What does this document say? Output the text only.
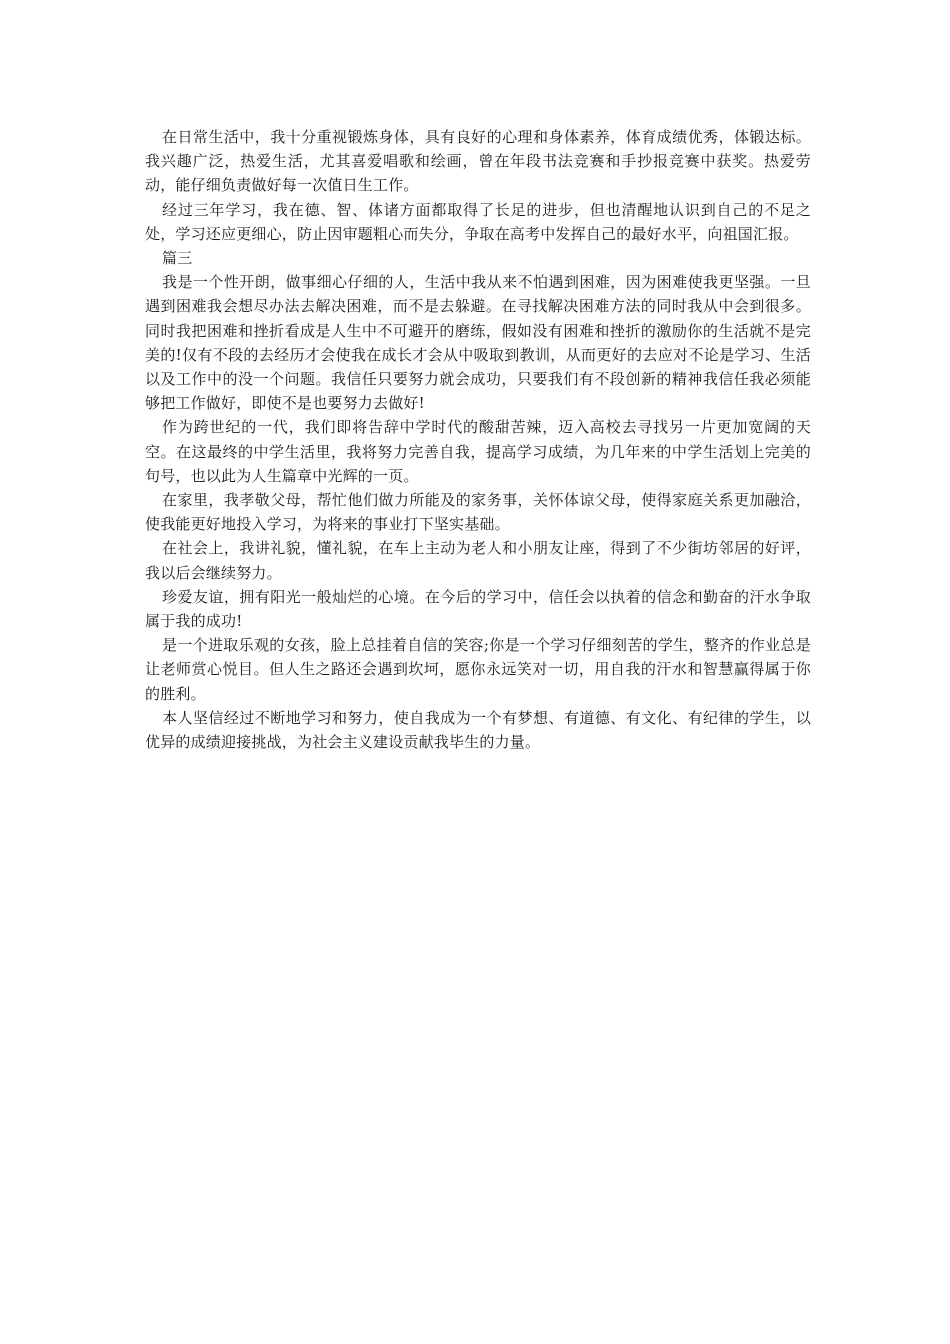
在日常生活中，我十分重视锻炼身体，具有良好的心理和身体素养，体育成绩优秀，体锻达标。我兴趣广泛，热爱生活，尤其喜爱唱歌和绘画，曾在年段书法竞赛和手抄报竞赛中获奖。热爱劳动，能仔细负责做好每一次值日生工作。

经过三年学习，我在德、智、体诸方面都取得了长足的进步，但也清醒地认识到自己的不足之处，学习还应更细心，防止因审题粗心而失分，争取在高考中发挥自己的最好水平，向祖国汇报。

篇三

我是一个性开朗，做事细心仔细的人，生活中我从来不怕遇到困难，因为困难使我更坚强。一旦遇到困难我会想尽办法去解决困难，而不是去躲避。在寻找解决困难方法的同时我从中会到很多。同时我把困难和挫折看成是人生中不可避开的磨练，假如没有困难和挫折的激励你的生活就不是完美的!仅有不段的去经历才会使我在成长才会从中吸取到教训，从而更好的去应对不论是学习、生活以及工作中的没一个问题。我信任只要努力就会成功，只要我们有不段创新的精神我信任我必须能够把工作做好，即使不是也要努力去做好!

作为跨世纪的一代，我们即将告辞中学时代的酸甜苦辣，迈入高校去寻找另一片更加宽阔的天空。在这最终的中学生活里，我将努力完善自我，提高学习成绩，为几年来的中学生活划上完美的句号，也以此为人生篇章中光辉的一页。

在家里，我孝敬父母，帮忙他们做力所能及的家务事，关怀体谅父母，使得家庭关系更加融洽，使我能更好地投入学习，为将来的事业打下坚实基础。

在社会上，我讲礼貌，懂礼貌，在车上主动为老人和小朋友让座，得到了不少街坊邻居的好评，我以后会继续努力。

珍爱友谊，拥有阳光一般灿烂的心境。在今后的学习中，信任会以执着的信念和勤奋的汗水争取属于我的成功!

是一个进取乐观的女孩，脸上总挂着自信的笑容;你是一个学习仔细刻苦的学生，整齐的作业总是让老师赏心悦目。但人生之路还会遇到坎坷，愿你永远笑对一切，用自我的汗水和智慧赢得属于你的胜利。

本人坚信经过不断地学习和努力，使自我成为一个有梦想、有道德、有文化、有纪律的学生，以优异的成绩迎接挑战，为社会主义建设贡献我毕生的力量。
